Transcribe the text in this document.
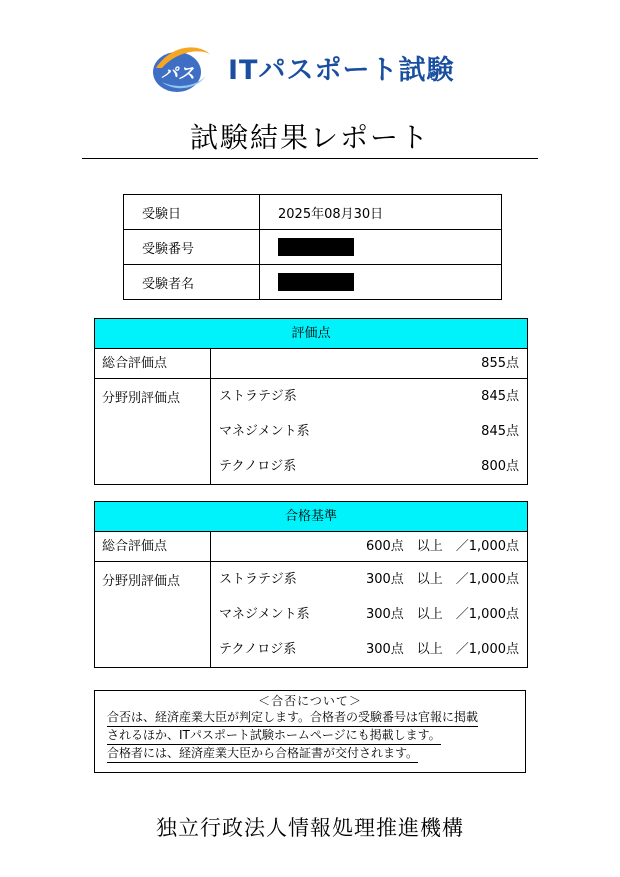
パス ITパスポート試験
試験結果レポート
受験日	2025年08月30日
受験番号	
受験者名	
評価点
総合評価点	855点
分野別評価点	ストラテジ系	845点
マネジメント系	845点
テクノロジ系	800点
合格基準
総合評価点	600点　以上　／1,000点
分野別評価点	ストラテジ系	300点　以上　／1,000点
マネジメント系	300点　以上　／1,000点
テクノロジ系	300点　以上　／1,000点
＜合否について＞
合否は、経済産業大臣が判定します。合格者の受験番号は官報に掲載
されるほか、ITパスポート試験ホームページにも掲載します。
合格者には、経済産業大臣から合格証書が交付されます。
独立行政法人情報処理推進機構
